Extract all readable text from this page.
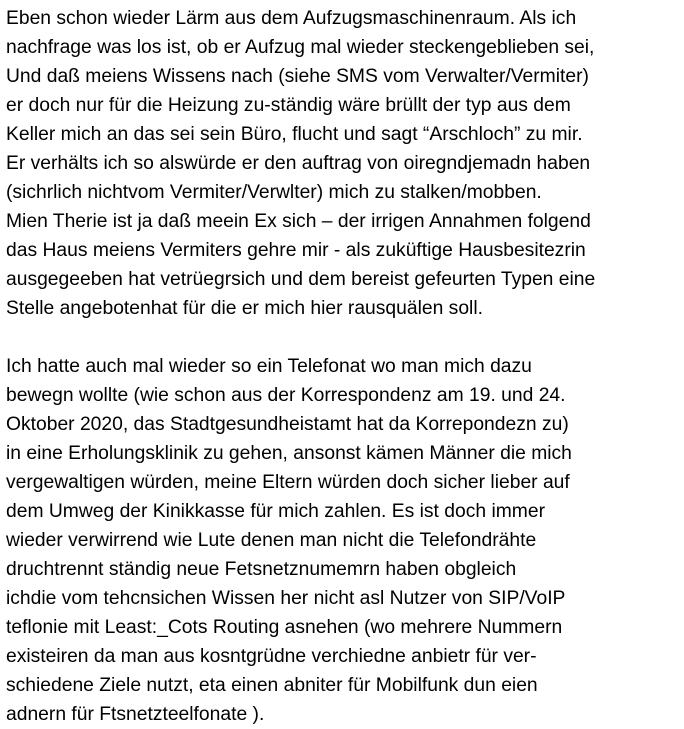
Eben schon wieder Lärm aus dem Aufzugsmaschinenraum. Als ich
nachfrage was los ist, ob er Aufzug mal wieder steckengeblieben sei,
Und daß meiens Wissens nach (siehe SMS vom Verwalter/Vermiter)
er doch nur für die Heizung zu-ständig wäre brüllt der typ aus dem
Keller mich an das sei sein Büro, flucht und sagt “Arschloch” zu mir.
Er verhälts ich so alswürde er den auftrag von oiregndjemadn haben
(sichrlich nichtvom Vermiter/Verwlter) mich zu stalken/mobben.
Mien Therie ist ja daß meein Ex sich – der irrigen Annahmen folgend
das Haus meiens Vermiters gehre mir - als zuküftige Hausbesitezrin
ausgegeeben hat vetrüegrsich und dem bereist gefeurten Typen eine
Stelle angebotenhat für die er mich hier rausquälen soll.
Ich hatte auch mal wieder so ein Telefonat wo man mich dazu
bewegn wollte (wie schon aus der Korrespondenz am 19. und 24.
Oktober 2020, das Stadtgesundheistamt hat da Korrepondezn zu)
in eine Erholungsklinik zu gehen, ansonst kämen Männer die mich
vergewaltigen würden, meine Eltern würden doch sicher lieber auf
dem Umweg der Kinikkasse für mich zahlen. Es ist doch immer
wieder verwirrend wie Lute denen man nicht die Telefondrähte
druchtrennt ständig neue Fetsnetznumemrn haben obgleich
ichdie vom tehcnsichen Wissen her nicht asl Nutzer von SIP/VoIP
teflonie mit Least:_Cots Routing asnehen (wo mehrere Nummern
existeiren da man aus kosntgrüdne verchiedne anbietr für ver-
schiedene Ziele nutzt, eta einen abniter für Mobilfunk dun eien
adnern für Ftsnetzteelfonate ).
